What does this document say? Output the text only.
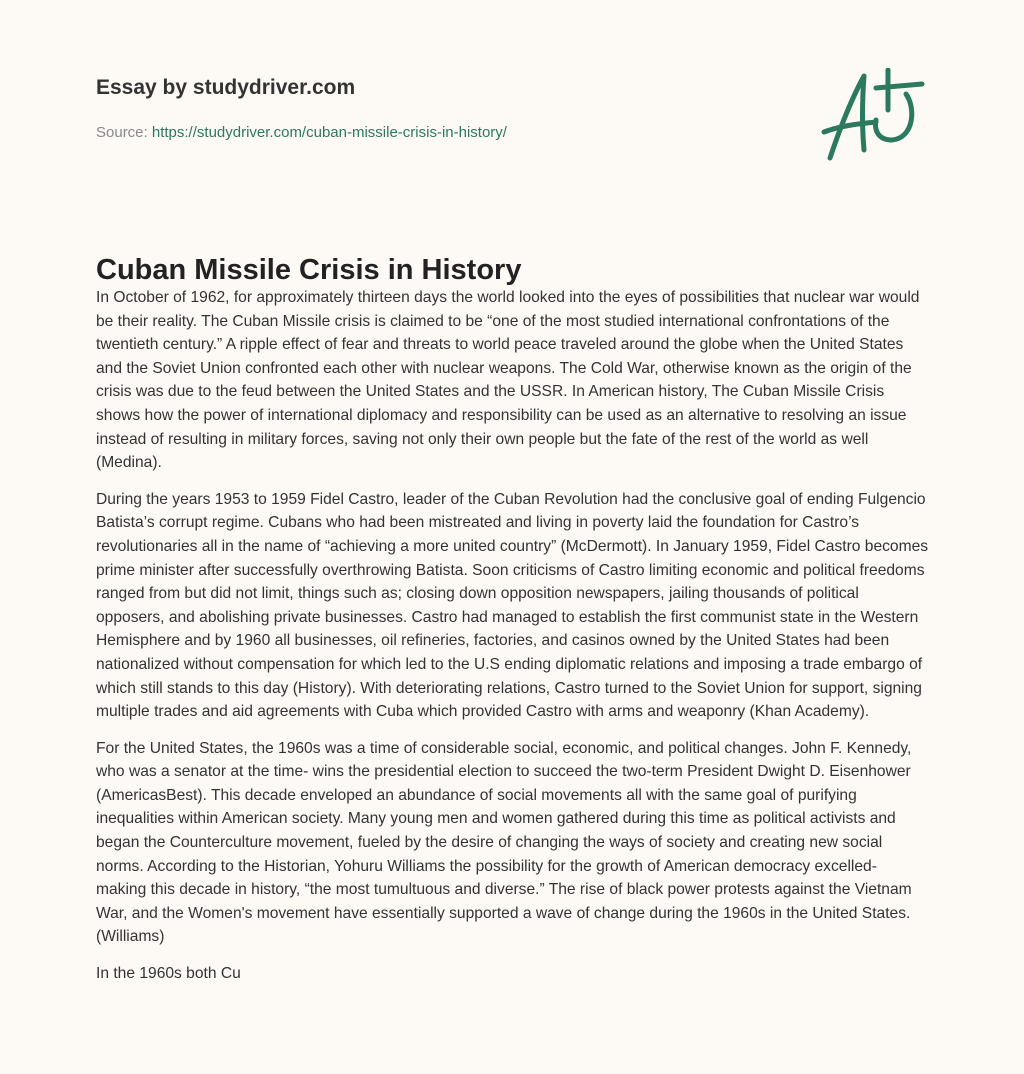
Essay by studydriver.com

Source: https://studydriver.com/cuban-missile-crisis-in-history/
Cuban Missile Crisis in History

In October of 1962, for approximately thirteen days the world looked into the eyes of possibilities that nuclear war would be their reality. The Cuban Missile crisis is claimed to be “one of the most studied international confrontations of the twentieth century.” A ripple effect of fear and threats to world peace traveled around the globe when the United States and the Soviet Union confronted each other with nuclear weapons. The Cold War, otherwise known as the origin of the crisis was due to the feud between the United States and the USSR. In American history, The Cuban Missile Crisis shows how the power of international diplomacy and responsibility can be used as an alternative to resolving an issue instead of resulting in military forces, saving not only their own people but the fate of the rest of the world as well (Medina).

During the years 1953 to 1959 Fidel Castro, leader of the Cuban Revolution had the conclusive goal of ending Fulgencio Batista’s corrupt regime. Cubans who had been mistreated and living in poverty laid the foundation for Castro’s revolutionaries all in the name of “achieving a more united country” (McDermott). In January 1959, Fidel Castro becomes prime minister after successfully overthrowing Batista. Soon criticisms of Castro limiting economic and political freedoms ranged from but did not limit, things such as; closing down opposition newspapers, jailing thousands of political opposers, and abolishing private businesses. Castro had managed to establish the first communist state in the Western Hemisphere and by 1960 all businesses, oil refineries, factories, and casinos owned by the United States had been nationalized without compensation for which led to the U.S ending diplomatic relations and imposing a trade embargo of which still stands to this day (History). With deteriorating relations, Castro turned to the Soviet Union for support, signing multiple trades and aid agreements with Cuba which provided Castro with arms and weaponry (Khan Academy).

For the United States, the 1960s was a time of considerable social, economic, and political changes. John F. Kennedy, who was a senator at the time- wins the presidential election to succeed the two-term President Dwight D. Eisenhower (AmericasBest). This decade enveloped an abundance of social movements all with the same goal of purifying inequalities within American society. Many young men and women gathered during this time as political activists and began the Counterculture movement, fueled by the desire of changing the ways of society and creating new social norms. According to the Historian, Yohuru Williams the possibility for the growth of American democracy excelled- making this decade in history, “the most tumultuous and diverse.” The rise of black power protests against the Vietnam War, and the Women's movement have essentially supported a wave of change during the 1960s in the United States. (Williams)

In the 1960s both Cu
